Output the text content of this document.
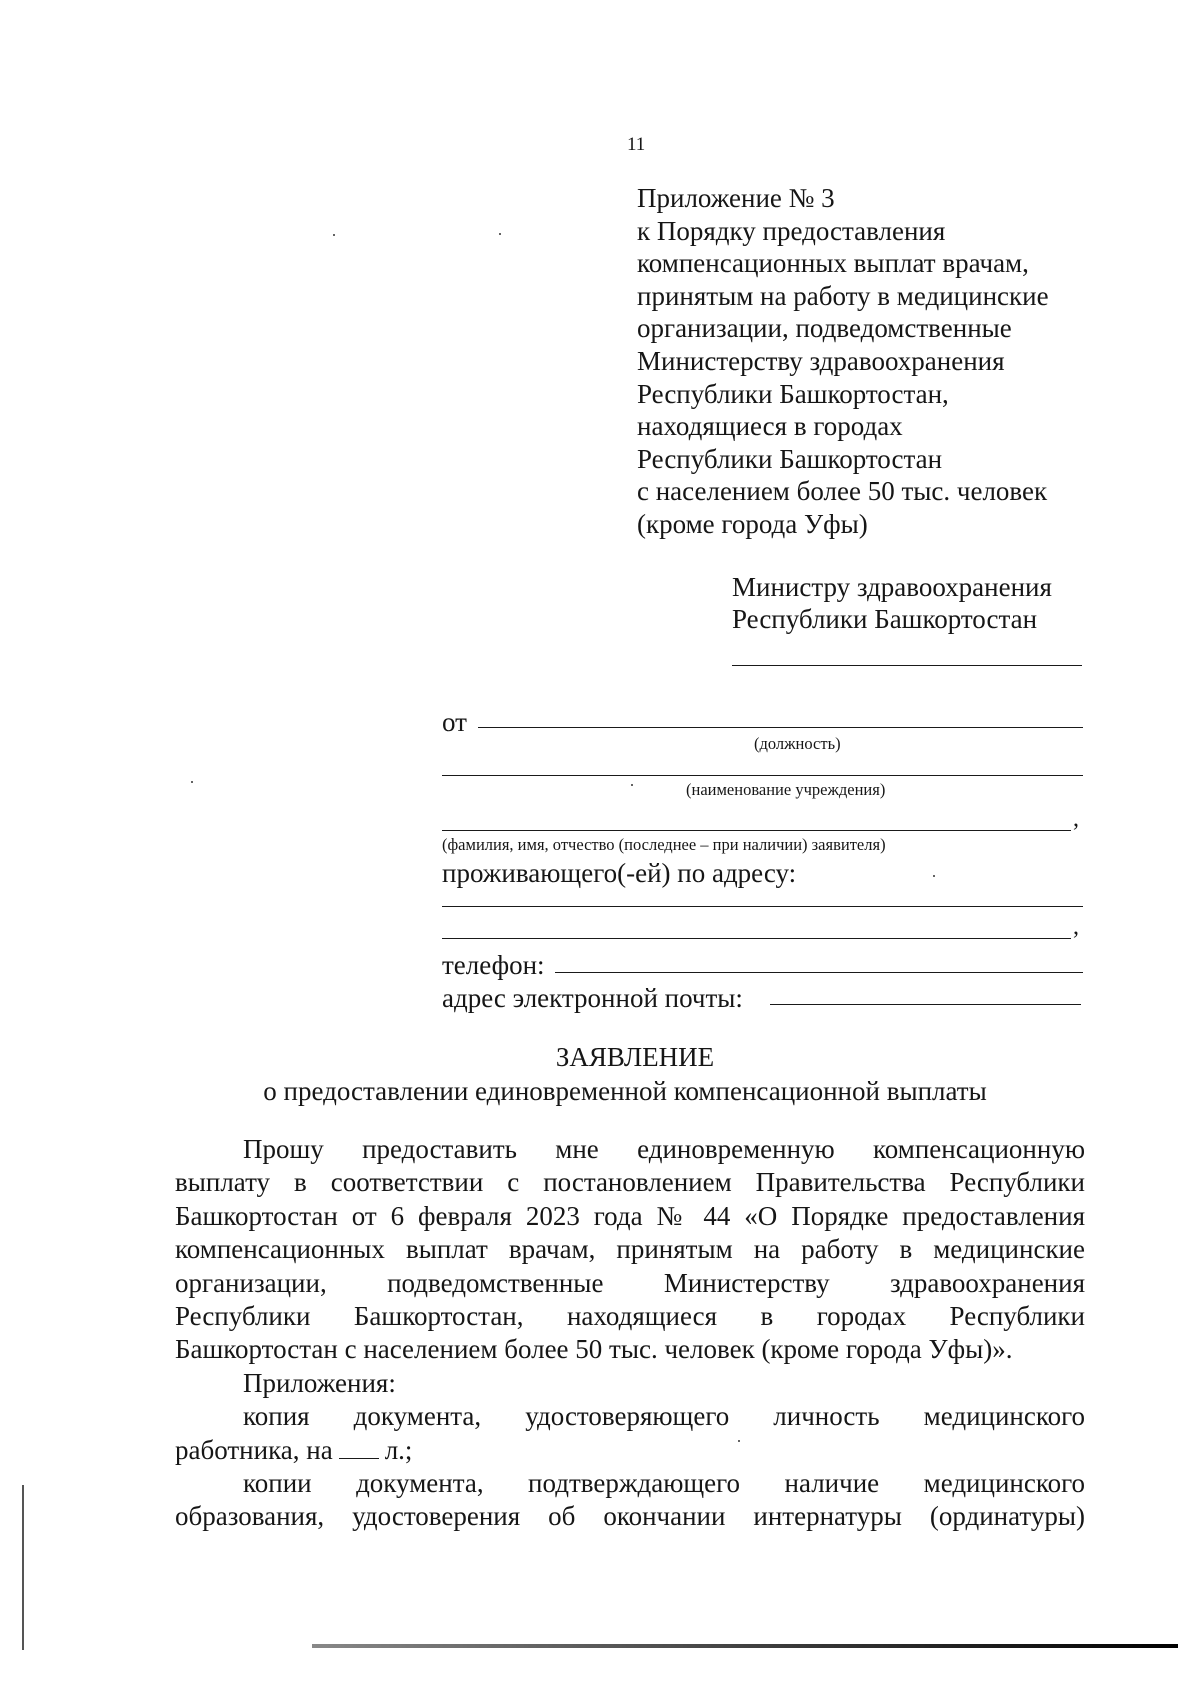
11
Приложение № 3
к Порядку предоставления
компенсационных выплат врачам,
принятым на работу в медицинские
организации, подведомственные
Министерству здравоохранения
Республики Башкортостан,
находящиеся в городах
Республики Башкортостан
с населением более 50 тыс. человек
(кроме города Уфы)
Министру здравоохранения
Республики Башкортостан
от
(должность)
(наименование учреждения)
,
(фамилия, имя, отчество (последнее – при наличии) заявителя)
проживающего(-ей) по адресу:
,
телефон:
адрес электронной почты:
ЗАЯВЛЕНИЕ
о предоставлении единовременной компенсационной выплаты
Прошу предоставить мне единовременную компенсационную
выплату в соответствии с постановлением Правительства Республики
Башкортостан от 6 февраля 2023 года № 44 «О Порядке предоставления
компенсационных выплат врачам, принятым на работу в медицинские
организации, подведомственные Министерству здравоохранения
Республики Башкортостан, находящиеся в городах Республики
Башкортостан с населением более 50 тыс. человек (кроме города Уфы)».
Приложения:
копия документа, удостоверяющего личность медицинского
работника, на л.;
копии документа, подтверждающего наличие медицинского
образования, удостоверения об окончании интернатуры (ординатуры)
